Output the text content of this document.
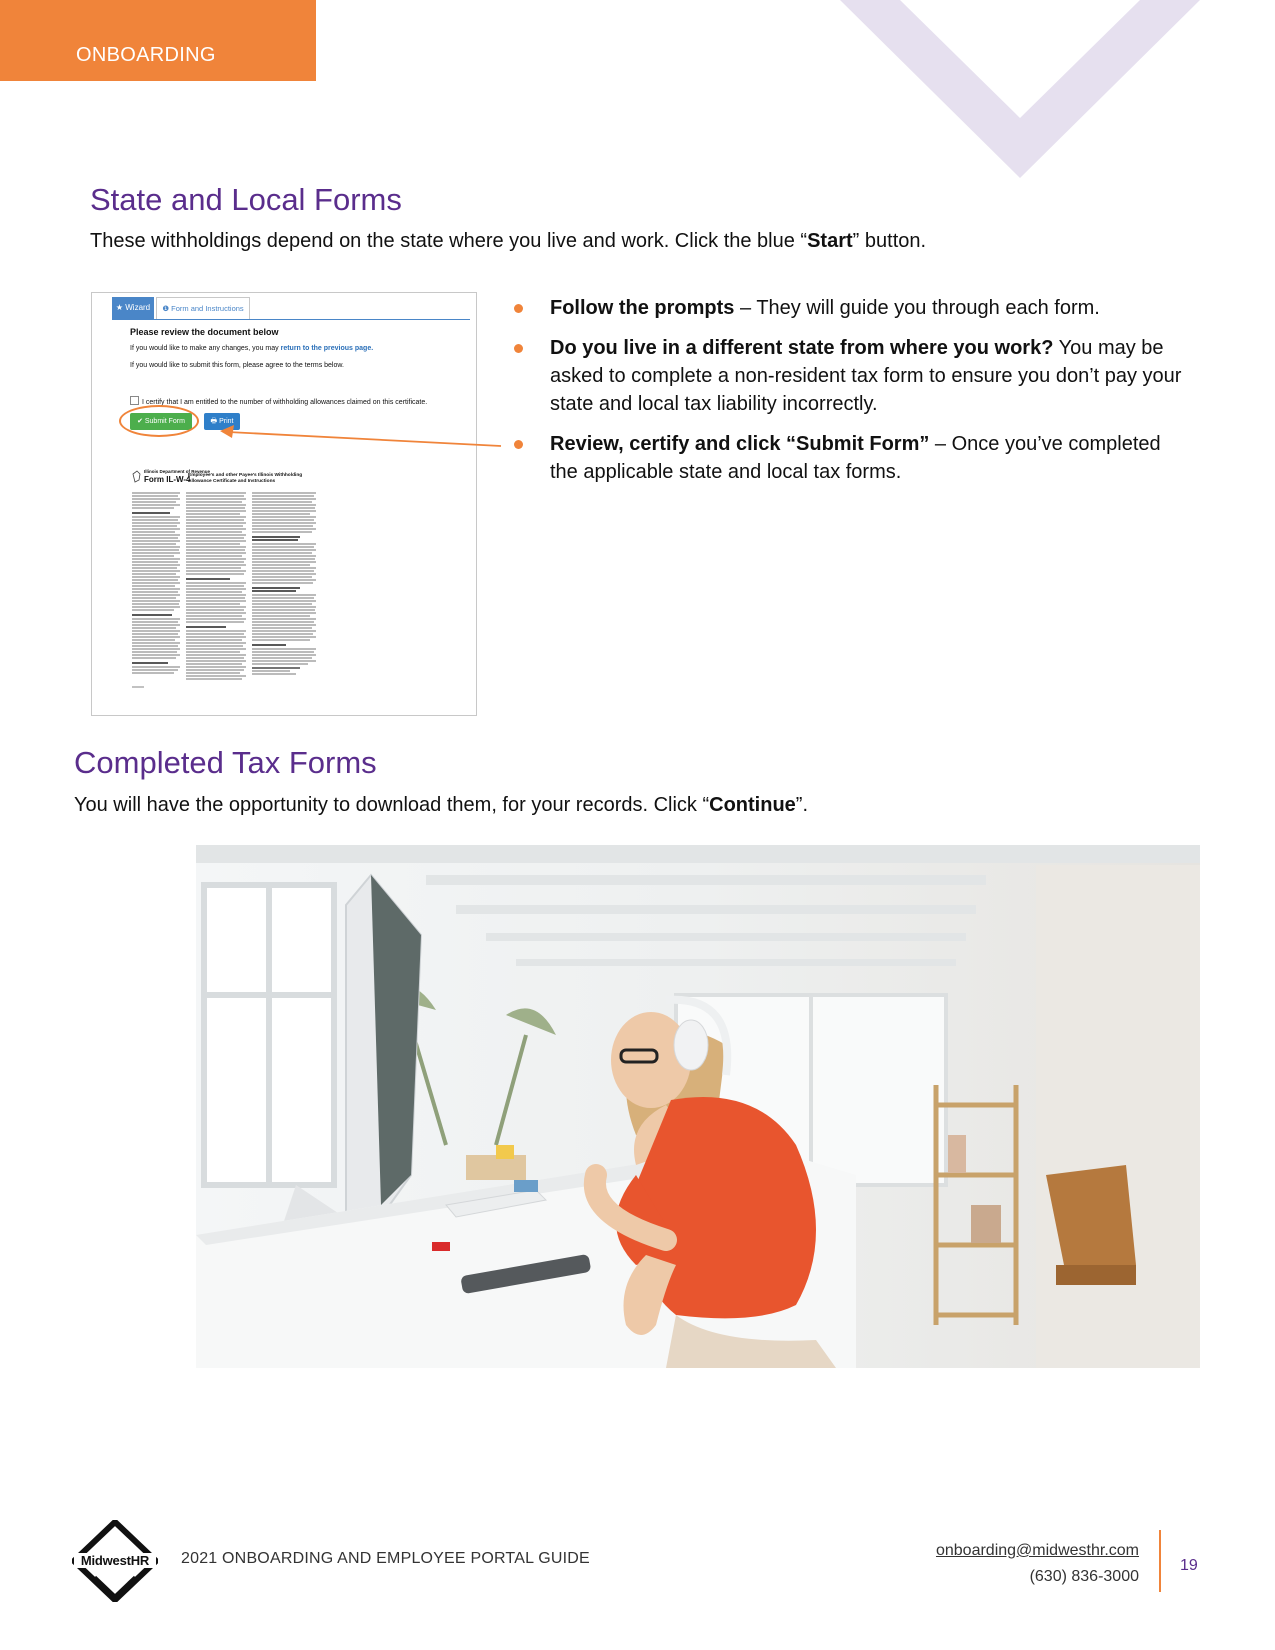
ONBOARDING
State and Local Forms

These withholdings depend on the state where you live and work. Click the blue “Start” button.

★ Wizard	❶ Form and Instructions
Please review the document below
If you would like to make any changes, you may return to the previous page.
If you would like to submit this form, please agree to the terms below.
I certify that I am entitled to the number of withholding allowances claimed on this certificate.
✔ Submit Form	🖶 Print
Illinois Department of Revenue
Form IL-W-4
Employee's and other Payee's Illinois Withholding Allowance Certificate and Instructions
Follow the prompts – They will guide you through each form.
Do you live in a different state from where you work? You may be asked to complete a non-resident tax form to ensure you don’t pay your state and local tax liability incorrectly.
Review, certify and click “Submit Form” – Once you’ve completed the applicable state and local tax forms.
Completed Tax Forms

You will have the opportunity to download them, for your records. Click “Continue”.

MidwestHR	2021 ONBOARDING AND EMPLOYEE PORTAL GUIDE	onboarding@midwesthr.com
(630) 836-3000
19
